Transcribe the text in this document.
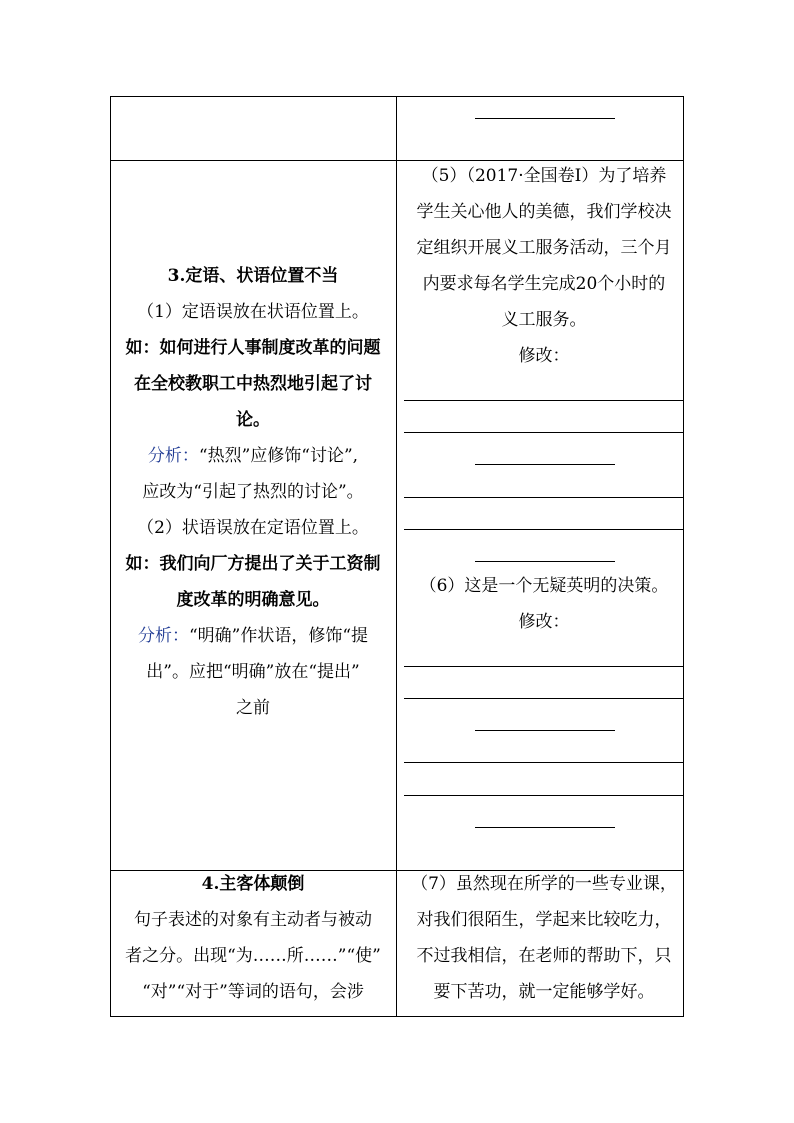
3.定语、状语位置不当
（1）定语误放在状语位置上。
如：如何进行人事制度改革的问题
在全校教职工中热烈地引起了讨
论。
分析：“热烈”应修饰“讨论”,
应改为“引起了热烈的讨论”。
（2）状语误放在定语位置上。
如：我们向厂方提出了关于工资制
度改革的明确意见。
分析：“明确”作状语，修饰“提
出”。应把“明确”放在“提出”
之前
（5）（2017·全国卷Ⅰ）为了培养
学生关心他人的美德，我们学校决
定组织开展义工服务活动，三个月
内要求每名学生完成20个小时的
义工服务。
修改：
（6）这是一个无疑英明的决策。
修改：
4.主客体颠倒
句子表述的对象有主动者与被动
者之分。出现“为……所……”“使”
“对”“对于”等词的语句，会涉
（7）虽然现在所学的一些专业课，
对我们很陌生，学起来比较吃力，
不过我相信，在老师的帮助下，只
要下苦功，就一定能够学好。
